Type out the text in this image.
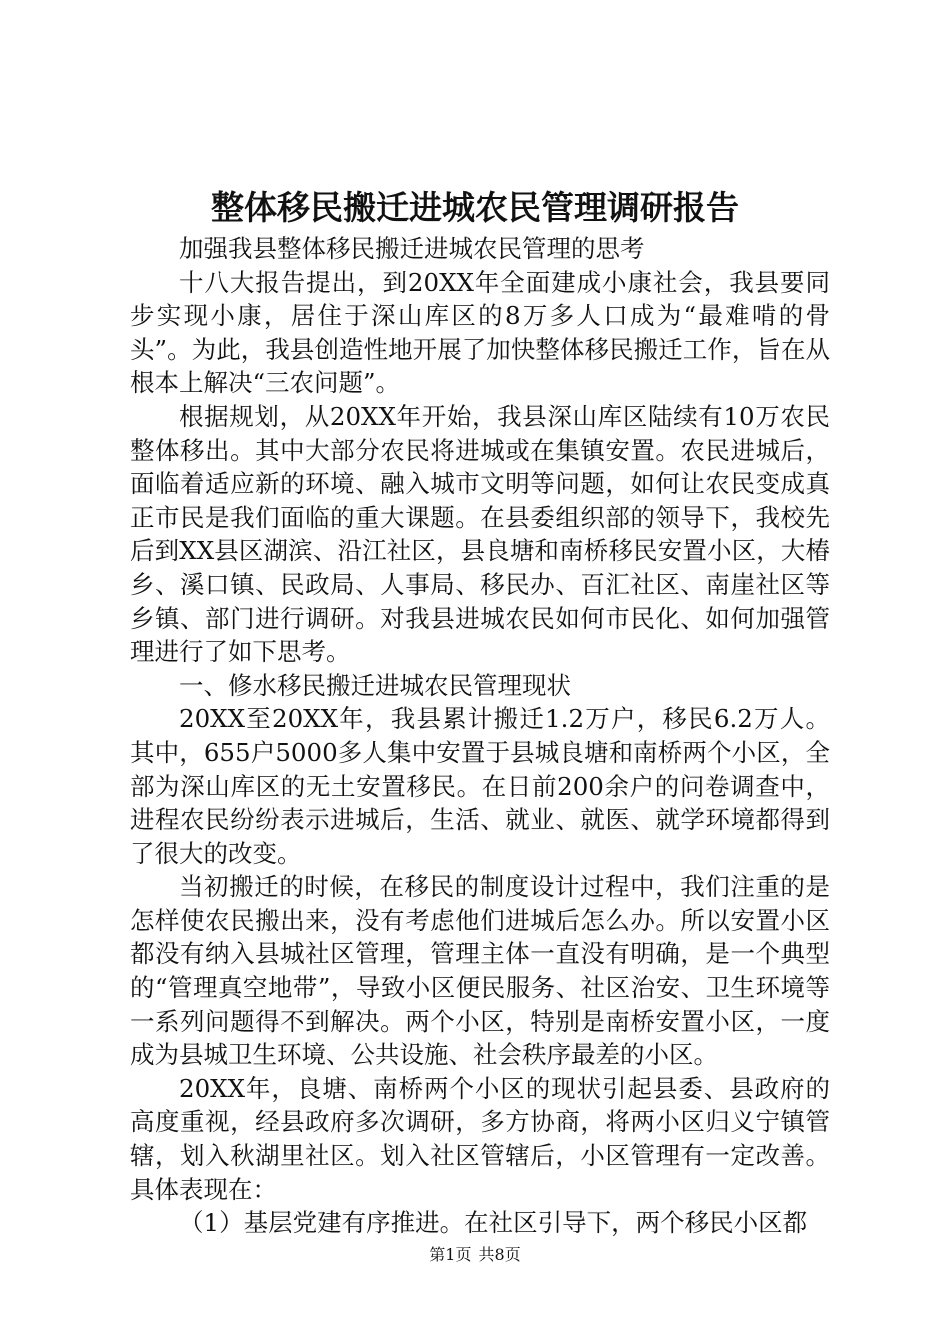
整体移民搬迁进城农民管理调研报告

加强我县整体移民搬迁进城农民管理的思考

十八大报告提出，到20XX年全面建成小康社会，我县要同步实现小康，居住于深山库区的8万多人口成为“最难啃的骨头”。为此，我县创造性地开展了加快整体移民搬迁工作，旨在从根本上解决“三农问题”。

根据规划，从20XX年开始，我县深山库区陆续有10万农民整体移出。其中大部分农民将进城或在集镇安置。农民进城后，面临着适应新的环境、融入城市文明等问题，如何让农民变成真正市民是我们面临的重大课题。在县委组织部的领导下，我校先后到XX县区湖滨、沿江社区，县良塘和南桥移民安置小区，大椿乡、溪口镇、民政局、人事局、移民办、百汇社区、南崖社区等乡镇、部门进行调研。对我县进城农民如何市民化、如何加强管理进行了如下思考。

一、修水移民搬迁进城农民管理现状

20XX至20XX年，我县累计搬迁1.2万户，移民6.2万人。其中，655户5000多人集中安置于县城良塘和南桥两个小区，全部为深山库区的无土安置移民。在日前200余户的问卷调查中，进程农民纷纷表示进城后，生活、就业、就医、就学环境都得到了很大的改变。

当初搬迁的时候，在移民的制度设计过程中，我们注重的是怎样使农民搬出来，没有考虑他们进城后怎么办。所以安置小区都没有纳入县城社区管理，管理主体一直没有明确，是一个典型的“管理真空地带”，导致小区便民服务、社区治安、卫生环境等一系列问题得不到解决。两个小区，特别是南桥安置小区，一度成为县城卫生环境、公共设施、社会秩序最差的小区。

20XX年，良塘、南桥两个小区的现状引起县委、县政府的高度重视，经县政府多次调研，多方协商，将两小区归义宁镇管辖，划入秋湖里社区。划入社区管辖后，小区管理有一定改善。具体表现在：

（1）基层党建有序推进。在社区引导下，两个移民小区都

第1页 共8页
